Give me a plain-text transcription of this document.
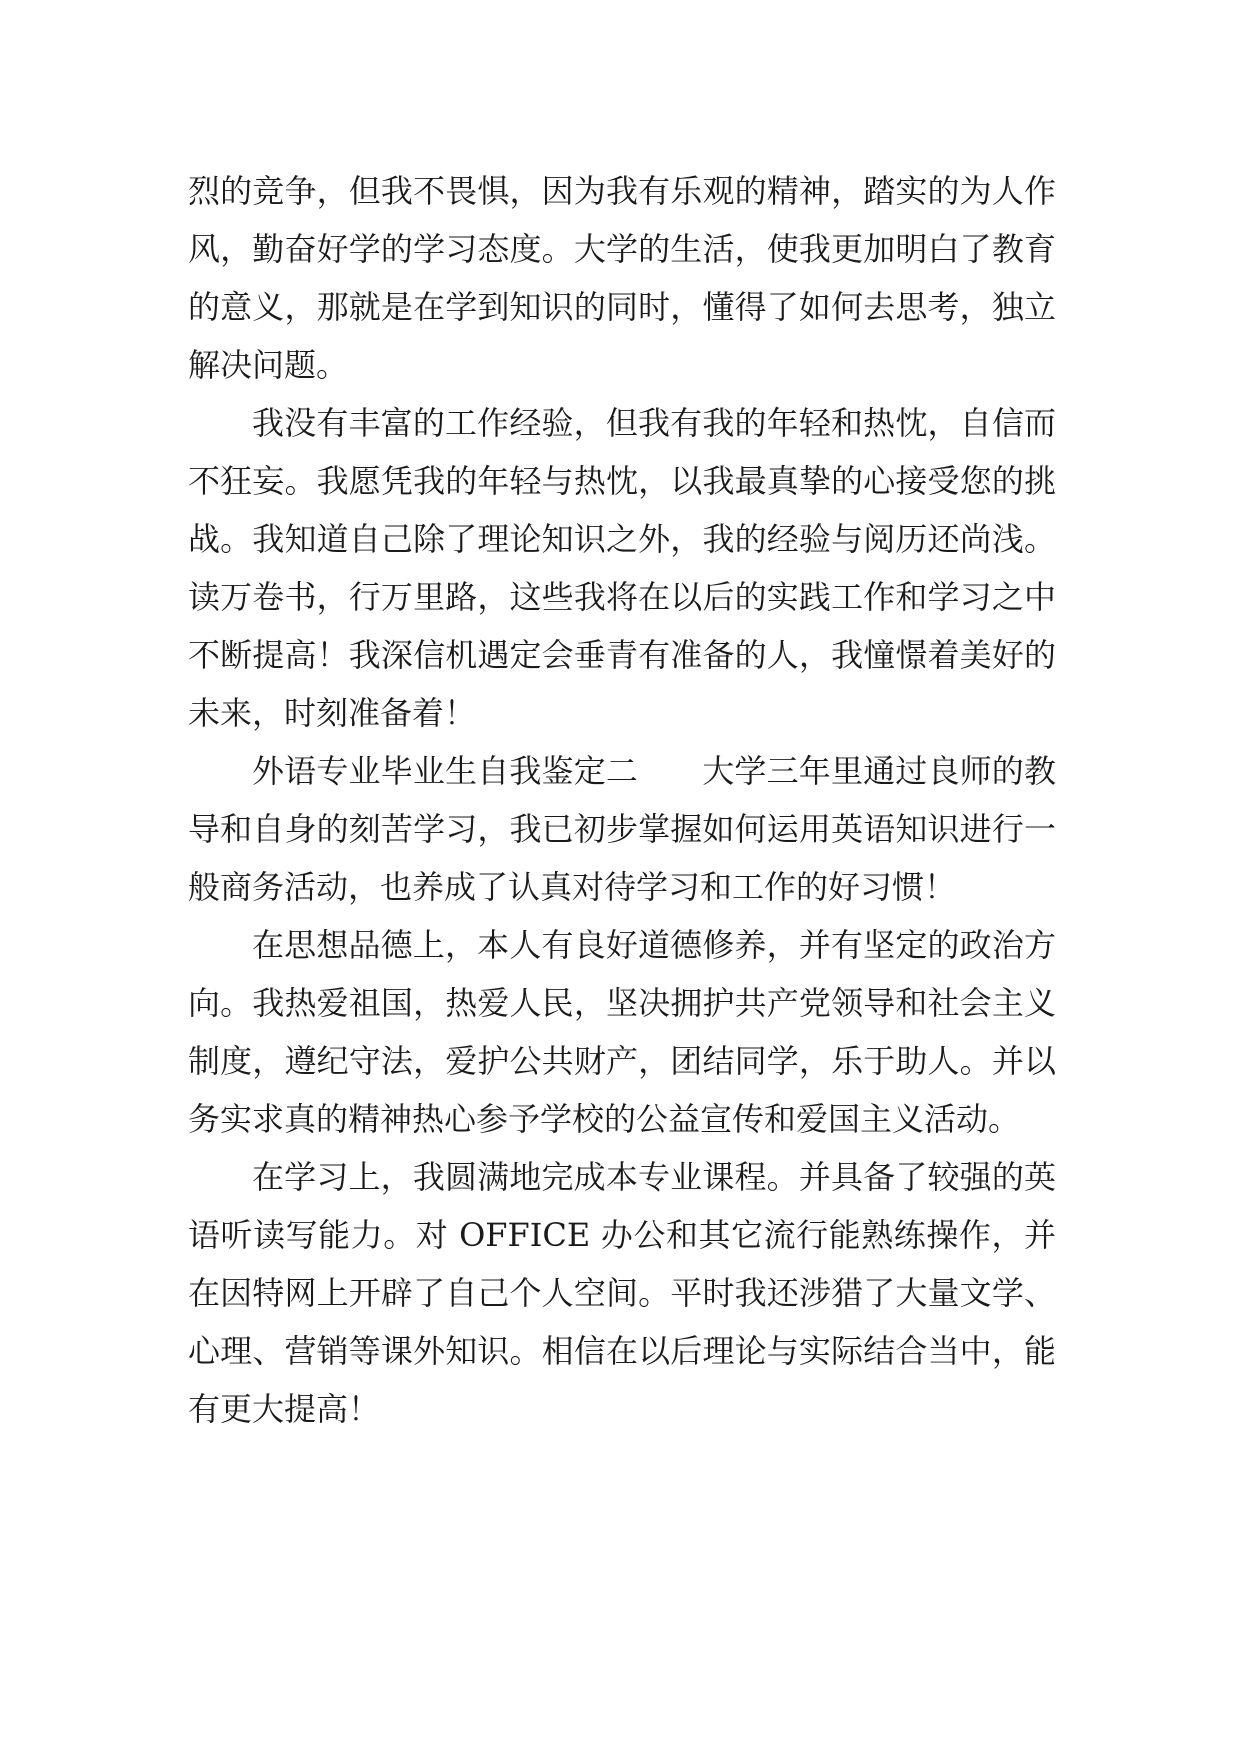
烈的竞争，但我不畏惧，因为我有乐观的精神，踏实的为人作风，勤奋好学的学习态度。大学的生活，使我更加明白了教育的意义，那就是在学到知识的同时，懂得了如何去思考，独立解决问题。

我没有丰富的工作经验，但我有我的年轻和热忱，自信而不狂妄。我愿凭我的年轻与热忱，以我最真挚的心接受您的挑战。我知道自己除了理论知识之外，我的经验与阅历还尚浅。读万卷书，行万里路，这些我将在以后的实践工作和学习之中不断提高！我深信机遇定会垂青有准备的人，我憧憬着美好的未来，时刻准备着！

外语专业毕业生自我鉴定二 大学三年里通过良师的教导和自身的刻苦学习，我已初步掌握如何运用英语知识进行一般商务活动，也养成了认真对待学习和工作的好习惯！

在思想品德上，本人有良好道德修养，并有坚定的政治方向。我热爱祖国，热爱人民，坚决拥护共产党领导和社会主义制度，遵纪守法，爱护公共财产，团结同学，乐于助人。并以务实求真的精神热心参予学校的公益宣传和爱国主义活动。

在学习上，我圆满地完成本专业课程。并具备了较强的英语听读写能力。对 OFFICE 办公和其它流行能熟练操作，并在因特网上开辟了自己个人空间。平时我还涉猎了大量文学、心理、营销等课外知识。相信在以后理论与实际结合当中，能有更大提高！
